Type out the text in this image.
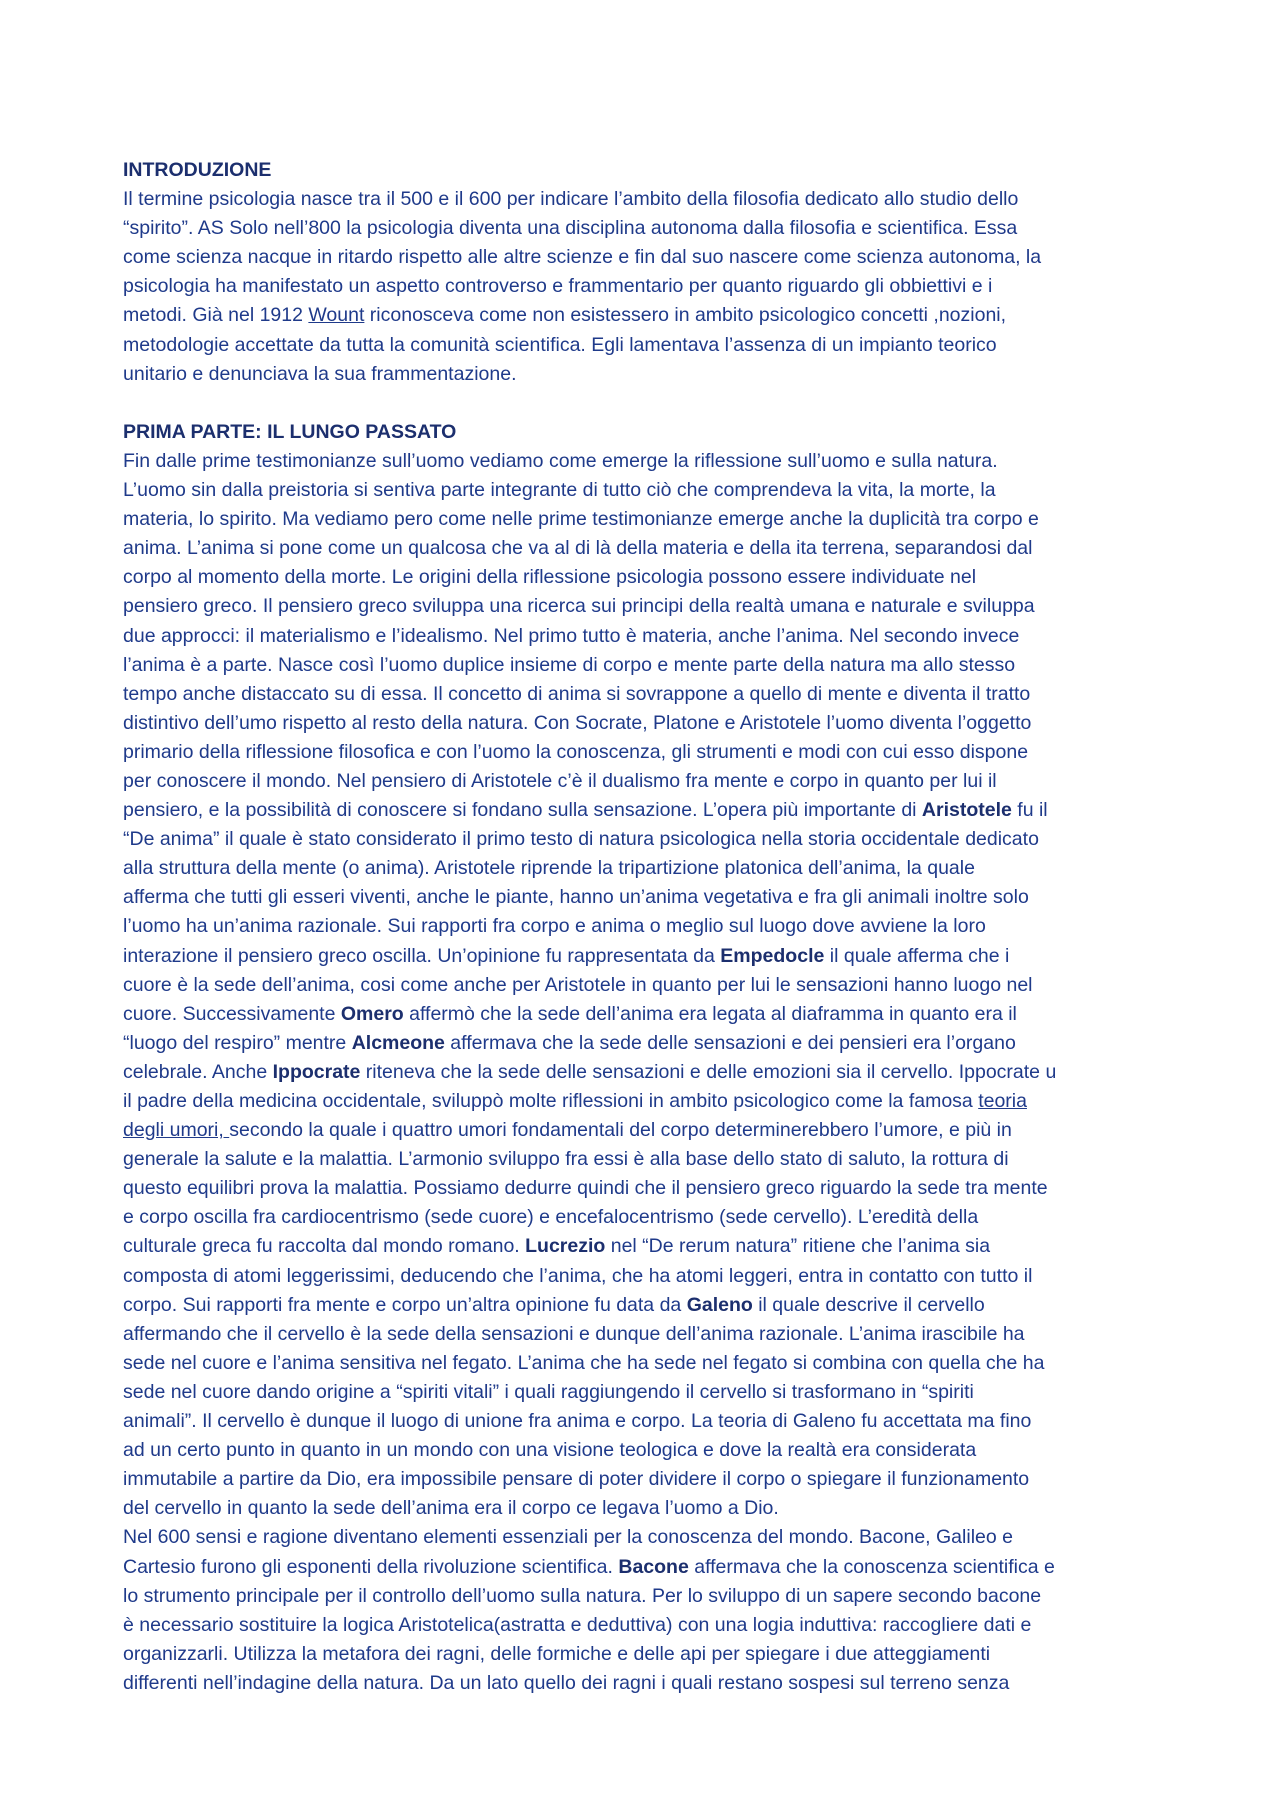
INTRODUZIONE
Il termine psicologia nasce tra il 500 e il 600 per indicare l’ambito della filosofia dedicato allo studio dello
“spirito”. AS Solo nell’800 la psicologia diventa una disciplina autonoma dalla filosofia e scientifica. Essa
come scienza nacque in ritardo rispetto alle altre scienze e fin dal suo nascere come scienza autonoma, la
psicologia ha manifestato un aspetto controverso e frammentario per quanto riguardo gli obbiettivi e i
metodi. Già nel 1912 Wount riconosceva come non esistessero in ambito psicologico concetti ,nozioni,
metodologie accettate da tutta la comunità scientifica. Egli lamentava l’assenza di un impianto teorico
unitario e denunciava la sua frammentazione.
PRIMA PARTE: IL LUNGO PASSATO
Fin dalle prime testimonianze sull’uomo vediamo come emerge la riflessione sull’uomo e sulla natura.
L’uomo sin dalla preistoria si sentiva parte integrante di tutto ciò che comprendeva la vita, la morte, la
materia, lo spirito. Ma vediamo pero come nelle prime testimonianze emerge anche la duplicità tra corpo e
anima. L’anima si pone come un qualcosa che va al di là della materia e della ita terrena, separandosi dal
corpo al momento della morte. Le origini della riflessione psicologia possono essere individuate nel
pensiero greco. Il pensiero greco sviluppa una ricerca sui principi della realtà umana e naturale e sviluppa
due approcci: il materialismo e l’idealismo. Nel primo tutto è materia, anche l’anima. Nel secondo invece
l’anima è a parte. Nasce così l’uomo duplice insieme di corpo e mente parte della natura ma allo stesso
tempo anche distaccato su di essa. Il concetto di anima si sovrappone a quello di mente e diventa il tratto
distintivo dell’umo rispetto al resto della natura. Con Socrate, Platone e Aristotele l’uomo diventa l’oggetto
primario della riflessione filosofica e con l’uomo la conoscenza, gli strumenti e modi con cui esso dispone
per conoscere il mondo. Nel pensiero di Aristotele c’è il dualismo fra mente e corpo in quanto per lui il
pensiero, e la possibilità di conoscere si fondano sulla sensazione. L’opera più importante di Aristotele fu il
“De anima” il quale è stato considerato il primo testo di natura psicologica nella storia occidentale dedicato
alla struttura della mente (o anima). Aristotele riprende la tripartizione platonica dell’anima, la quale
afferma che tutti gli esseri viventi, anche le piante, hanno un’anima vegetativa e fra gli animali inoltre solo
l’uomo ha un’anima razionale. Sui rapporti fra corpo e anima o meglio sul luogo dove avviene la loro
interazione il pensiero greco oscilla. Un’opinione fu rappresentata da Empedocle il quale afferma che i
cuore è la sede dell’anima, cosi come anche per Aristotele in quanto per lui le sensazioni hanno luogo nel
cuore. Successivamente Omero affermò che la sede dell’anima era legata al diaframma in quanto era il
“luogo del respiro” mentre Alcmeone affermava che la sede delle sensazioni e dei pensieri era l’organo
celebrale. Anche Ippocrate riteneva che la sede delle sensazioni e delle emozioni sia il cervello. Ippocrate u
il padre della medicina occidentale, sviluppò molte riflessioni in ambito psicologico come la famosa teoria
degli umori, secondo la quale i quattro umori fondamentali del corpo determinerebbero l’umore, e più in
generale la salute e la malattia. L’armonio sviluppo fra essi è alla base dello stato di saluto, la rottura di
questo equilibri prova la malattia. Possiamo dedurre quindi che il pensiero greco riguardo la sede tra mente
e corpo oscilla fra cardiocentrismo (sede cuore) e encefalocentrismo (sede cervello). L’eredità della
culturale greca fu raccolta dal mondo romano. Lucrezio nel “De rerum natura” ritiene che l’anima sia
composta di atomi leggerissimi, deducendo che l’anima, che ha atomi leggeri, entra in contatto con tutto il
corpo. Sui rapporti fra mente e corpo un’altra opinione fu data da Galeno il quale descrive il cervello
affermando che il cervello è la sede della sensazioni e dunque dell’anima razionale. L’anima irascibile ha
sede nel cuore e l’anima sensitiva nel fegato. L’anima che ha sede nel fegato si combina con quella che ha
sede nel cuore dando origine a “spiriti vitali” i quali raggiungendo il cervello si trasformano in “spiriti
animali”. Il cervello è dunque il luogo di unione fra anima e corpo. La teoria di Galeno fu accettata ma fino
ad un certo punto in quanto in un mondo con una visione teologica e dove la realtà era considerata
immutabile a partire da Dio, era impossibile pensare di poter dividere il corpo o spiegare il funzionamento
del cervello in quanto la sede dell’anima era il corpo ce legava l’uomo a Dio.
Nel 600 sensi e ragione diventano elementi essenziali per la conoscenza del mondo. Bacone, Galileo e
Cartesio furono gli esponenti della rivoluzione scientifica. Bacone affermava che la conoscenza scientifica e
lo strumento principale per il controllo dell’uomo sulla natura. Per lo sviluppo di un sapere secondo bacone
è necessario sostituire la logica Aristotelica(astratta e deduttiva) con una logia induttiva: raccogliere dati e
organizzarli. Utilizza la metafora dei ragni, delle formiche e delle api per spiegare i due atteggiamenti
differenti nell’indagine della natura. Da un lato quello dei ragni i quali restano sospesi sul terreno senza
